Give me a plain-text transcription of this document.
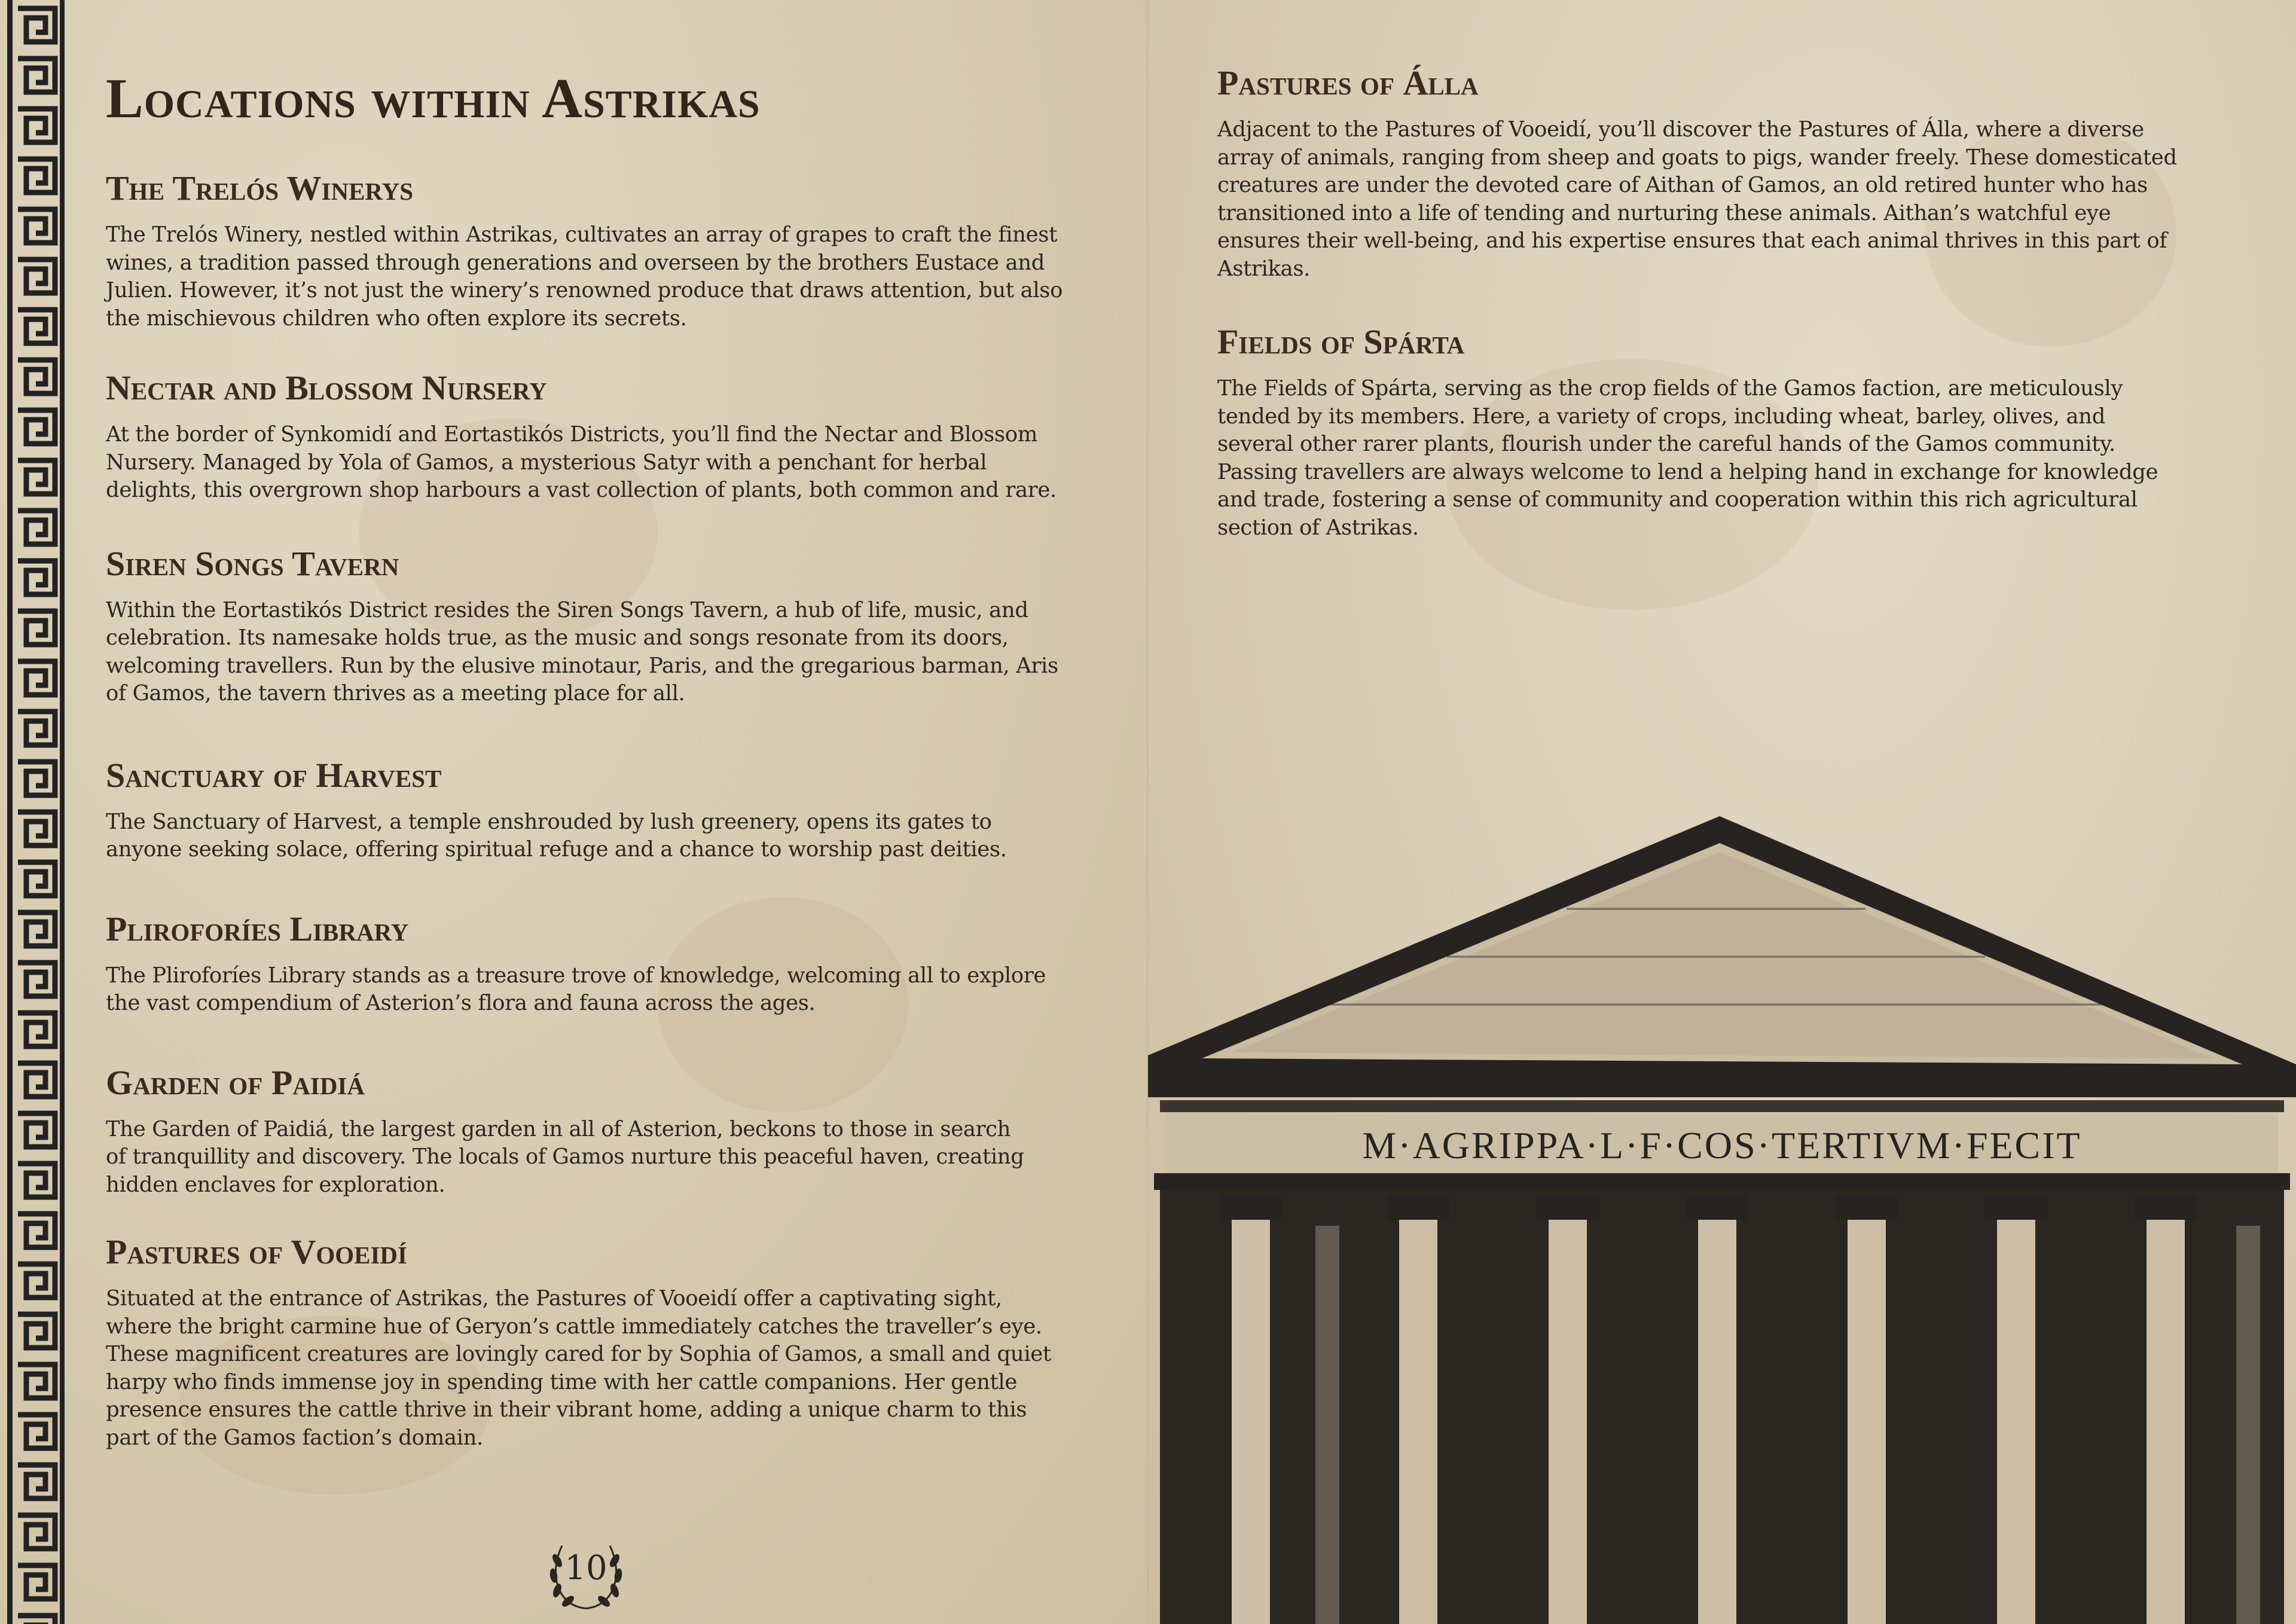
Locations within Astrikas
The Trelós Winerys
The Trelós Winery, nestled within Astrikas, cultivates an array of grapes to craft the finest
wines, a tradition passed through generations and overseen by the brothers Eustace and
Julien. However, it’s not just the winery’s renowned produce that draws attention, but also
the mischievous children who often explore its secrets.
Nectar and Blossom Nursery
At the border of Synkomidí and Eortastikós Districts, you’ll find the Nectar and Blossom
Nursery. Managed by Yola of Gamos, a mysterious Satyr with a penchant for herbal
delights, this overgrown shop harbours a vast collection of plants, both common and rare.
Siren Songs Tavern
Within the Eortastikós District resides the Siren Songs Tavern, a hub of life, music, and
celebration. Its namesake holds true, as the music and songs resonate from its doors,
welcoming travellers. Run by the elusive minotaur, Paris, and the gregarious barman, Aris
of Gamos, the tavern thrives as a meeting place for all.
Sanctuary of Harvest
The Sanctuary of Harvest, a temple enshrouded by lush greenery, opens its gates to
anyone seeking solace, offering spiritual refuge and a chance to worship past deities.
Pliroforíes Library
The Pliroforíes Library stands as a treasure trove of knowledge, welcoming all to explore
the vast compendium of Asterion’s flora and fauna across the ages.
Garden of Paidiá
The Garden of Paidiá, the largest garden in all of Asterion, beckons to those in search
of tranquillity and discovery. The locals of Gamos nurture this peaceful haven, creating
hidden enclaves for exploration.
Pastures of Vooeidí
Situated at the entrance of Astrikas, the Pastures of Vooeidí offer a captivating sight,
where the bright carmine hue of Geryon’s cattle immediately catches the traveller’s eye.
These magnificent creatures are lovingly cared for by Sophia of Gamos, a small and quiet
harpy who finds immense joy in spending time with her cattle companions. Her gentle
presence ensures the cattle thrive in their vibrant home, adding a unique charm to this
part of the Gamos faction’s domain.
10
Pastures of Álla
Adjacent to the Pastures of Vooeidí, you’ll discover the Pastures of Álla, where a diverse
array of animals, ranging from sheep and goats to pigs, wander freely. These domesticated
creatures are under the devoted care of Aithan of Gamos, an old retired hunter who has
transitioned into a life of tending and nurturing these animals. Aithan’s watchful eye
ensures their well-being, and his expertise ensures that each animal thrives in this part of
Astrikas.
Fields of Spárta
The Fields of Spárta, serving as the crop fields of the Gamos faction, are meticulously
tended by its members. Here, a variety of crops, including wheat, barley, olives, and
several other rarer plants, flourish under the careful hands of the Gamos community.
Passing travellers are always welcome to lend a helping hand in exchange for knowledge
and trade, fostering a sense of community and cooperation within this rich agricultural
section of Astrikas.
M·AGRIPPA·L·F·COS·TERTIVM·FECIT
